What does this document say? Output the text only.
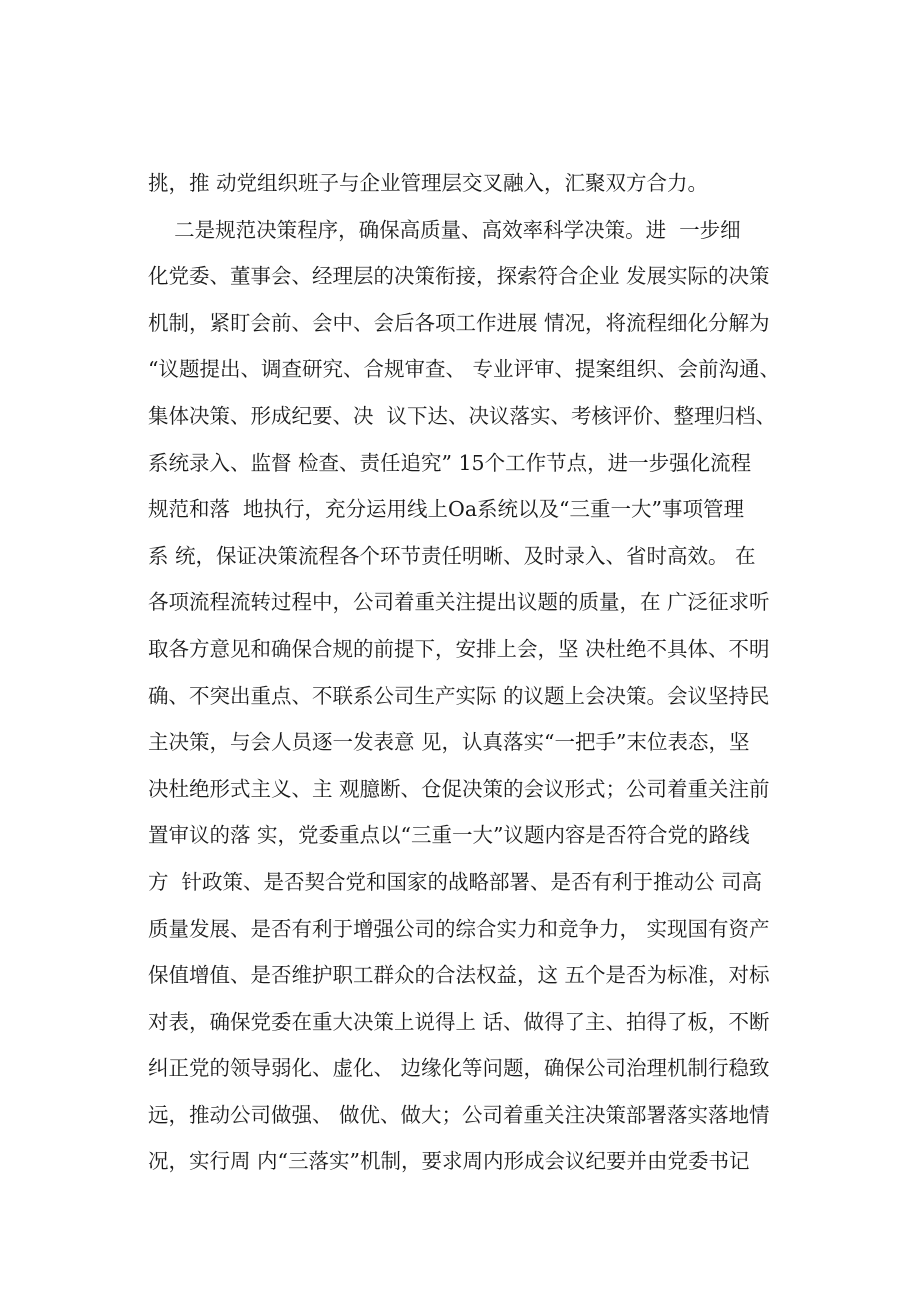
挑，推 动党组织班子与企业管理层交叉融入，汇聚双方合力。
二是规范决策程序，确保高质量、高效率科学决策。进  一步细
化党委、董事会、经理层的决策衔接，探索符合企业 发展实际的决策
机制，紧盯会前、会中、会后各项工作进展 情况，将流程细化分解为
“议题提出、调查研究、合规审查、 专业评审、提案组织、会前沟通、
集体决策、形成纪要、决  议下达、决议落实、考核评价、整理归档、
系统录入、监督 检查、责任追究” 15个工作节点，进一步强化流程
规范和落  地执行，充分运用线上Oa系统以及“三重一大”事项管理
系 统，保证决策流程各个环节责任明晰、及时录入、省时高效。 在
各项流程流转过程中，公司着重关注提出议题的质量，在 广泛征求听
取各方意见和确保合规的前提下，安排上会，坚 决杜绝不具体、不明
确、不突出重点、不联系公司生产实际 的议题上会决策。会议坚持民
主决策，与会人员逐一发表意 见，认真落实“一把手”末位表态，坚
决杜绝形式主义、主 观臆断、仓促决策的会议形式；公司着重关注前
置审议的落 实，党委重点以“三重一大”议题内容是否符合党的路线
方  针政策、是否契合党和国家的战略部署、是否有利于推动公 司高
质量发展、是否有利于增强公司的综合实力和竞争力， 实现国有资产
保值增值、是否维护职工群众的合法权益，这 五个是否为标准，对标
对表，确保党委在重大决策上说得上 话、做得了主、拍得了板，不断
纠正党的领导弱化、虚化、 边缘化等问题，确保公司治理机制行稳致
远，推动公司做强、 做优、做大；公司着重关注决策部署落实落地情
况，实行周 内“三落实”机制，要求周内形成会议纪要并由党委书记
